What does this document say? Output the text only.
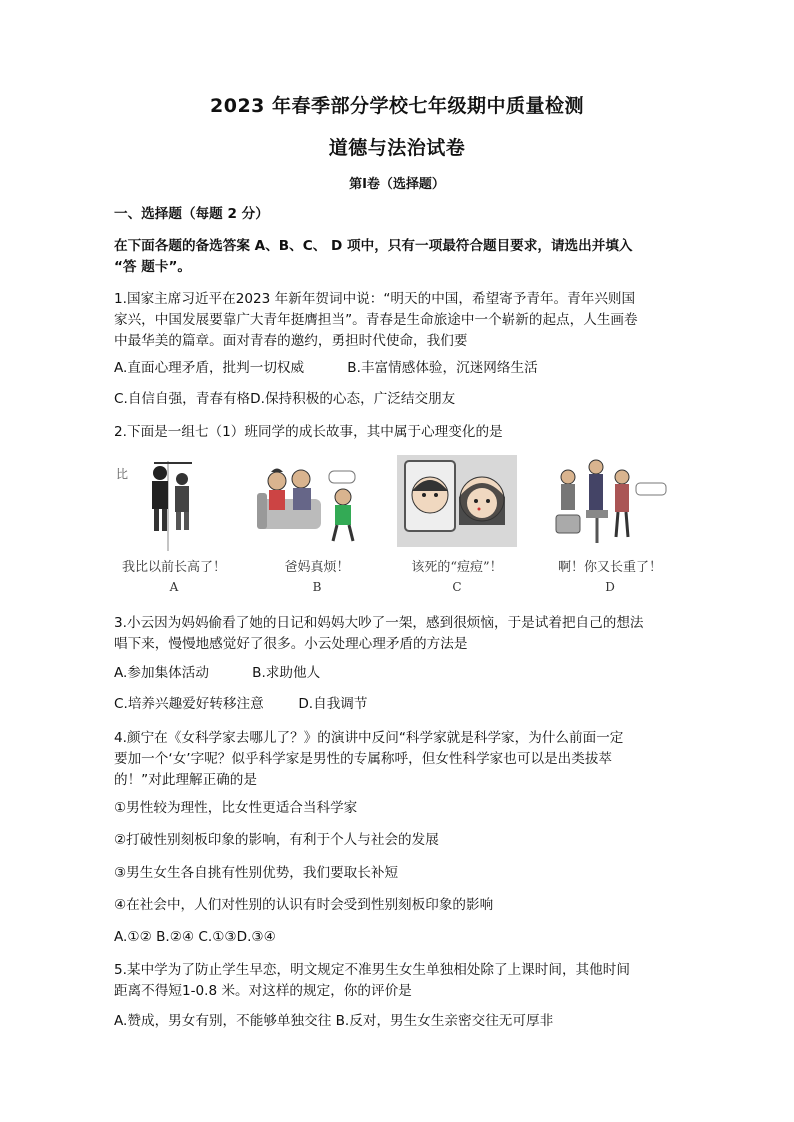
2023 年春季部分学校七年级期中质量检测
道德与法治试卷
第Ⅰ卷（选择题）
一、选择题（每题 2 分）
在下面各题的备选答案 A、B、C、 D 项中，只有一项最符合题目要求，请选出并填入
“答 题卡”。
1.国家主席习近平在2023 年新年贺词中说：“明天的中国，希望寄予青年。青年兴则国
家兴，中国发展要靠广大青年挺膺担当”。青春是生命旅途中一个崭新的起点，人生画卷
中最华美的篇章。面对青春的邀约，勇担时代使命，我们要
A.直面心理矛盾，批判一切权威          B.丰富情感体验，沉迷网络生活
C.自信自强，青春有格D.保持积极的心态，广泛结交朋友
2.下面是一组七（1）班同学的成长故事，其中属于心理变化的是
比
我比以前长高了！
A
爸妈真烦！
B
该死的“痘痘”！
C
啊！你又长重了！
D
3.小云因为妈妈偷看了她的日记和妈妈大吵了一架，感到很烦恼，于是试着把自己的想法
唱下来，慢慢地感觉好了很多。小云处理心理矛盾的方法是
A.参加集体活动          B.求助他人
C.培养兴趣爱好转移注意        D.自我调节
4.颜宁在《女科学家去哪儿了？》的演讲中反问“科学家就是科学家，为什么前面一定
要加一个‘女’字呢？似乎科学家是男性的专属称呼，但女性科学家也可以是出类拔萃
的！”对此理解正确的是
①男性较为理性，比女性更适合当科学家
②打破性别刻板印象的影响，有利于个人与社会的发展
③男生女生各自挑有性别优势，我们要取长补短
④在社会中，人们对性别的认识有时会受到性别刻板印象的影响
A.①② B.②④ C.①③D.③④
5.某中学为了防止学生早恋，明文规定不准男生女生单独相处除了上课时间，其他时间
距离不得短1-0.8 米。对这样的规定，你的评价是
A.赞成，男女有别，不能够单独交往 B.反对，男生女生亲密交往无可厚非
